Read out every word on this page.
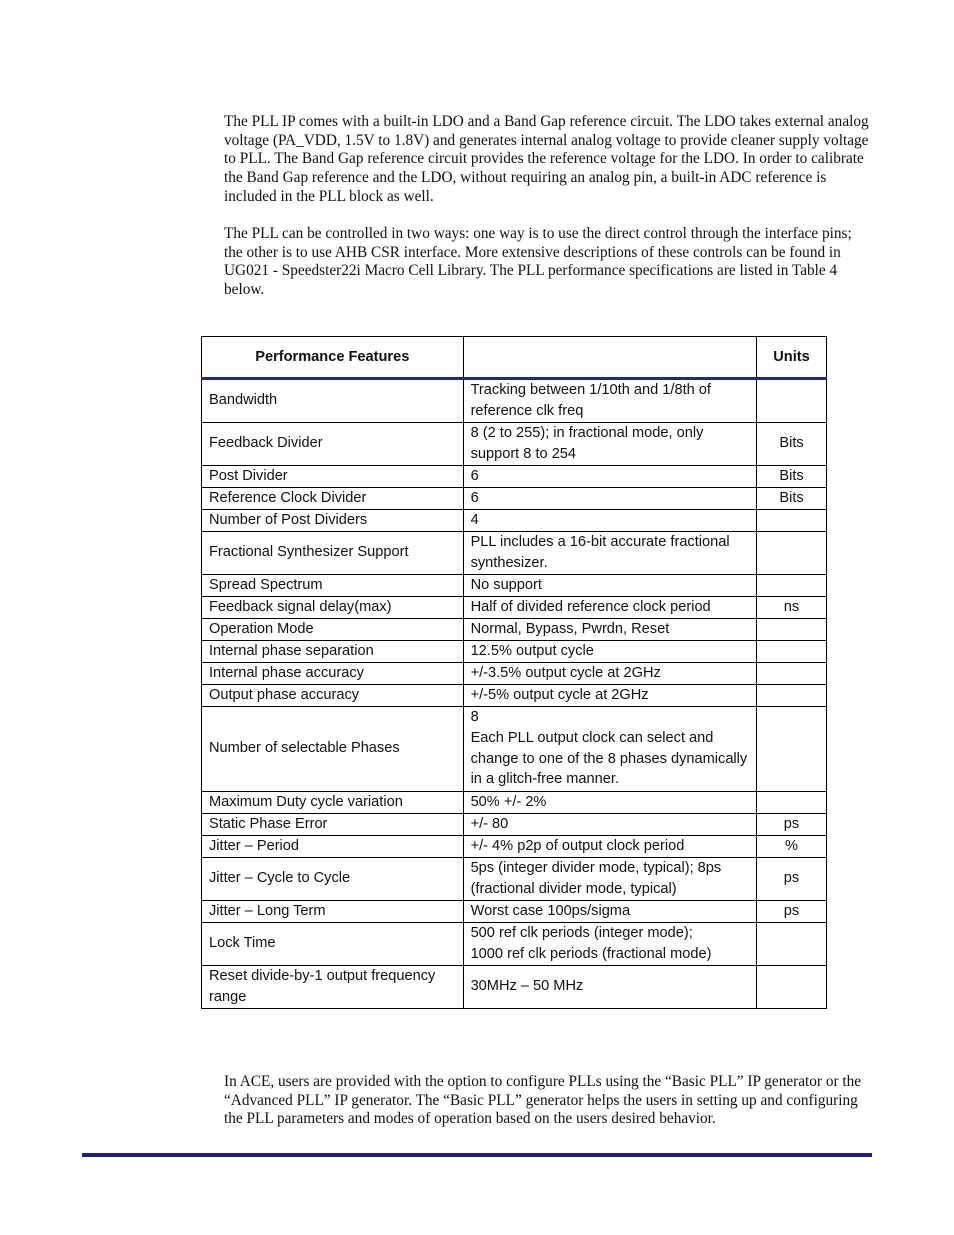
The PLL IP comes with a built-in LDO and a Band Gap reference circuit. The LDO takes external analog voltage (PA_VDD, 1.5V to 1.8V) and generates internal analog voltage to provide cleaner supply voltage to PLL. The Band Gap reference circuit provides the reference voltage for the LDO. In order to calibrate the Band Gap reference and the LDO, without requiring an analog pin, a built-in ADC reference is included in the PLL block as well.

The PLL can be controlled in two ways: one way is to use the direct control through the interface pins; the other is to use AHB CSR interface. More extensive descriptions of these controls can be found in UG021 - Speedster22i Macro Cell Library. The PLL performance specifications are listed in Table 4 below.

Performance Features		Units
Bandwidth	Tracking between 1/10th and 1/8th of reference clk freq	
Feedback Divider	8 (2 to 255); in fractional mode, only support 8 to 254	Bits
Post Divider	6	Bits
Reference Clock Divider	6	Bits
Number of Post Dividers	4	
Fractional Synthesizer Support	PLL includes a 16-bit accurate fractional synthesizer.	
Spread Spectrum	No support	
Feedback signal delay(max)	Half of divided reference clock period	ns
Operation Mode	Normal, Bypass, Pwrdn, Reset	
Internal phase separation	12.5% output cycle	
Internal phase accuracy	+/-3.5% output cycle at 2GHz	
Output phase accuracy	+/-5% output cycle at 2GHz	
Number of selectable Phases	8
Each PLL output clock can select and change to one of the 8 phases dynamically in a glitch-free manner.	
Maximum Duty cycle variation	50% +/- 2%	
Static Phase Error	+/- 80	ps
Jitter – Period	+/- 4% p2p of output clock period	%
Jitter – Cycle to Cycle	5ps (integer divider mode, typical); 8ps (fractional divider mode, typical)	ps
Jitter – Long Term	Worst case 100ps/sigma	ps
Lock Time	500 ref clk periods (integer mode);
1000 ref clk periods (fractional mode)	
Reset divide-by-1 output frequency range	30MHz – 50 MHz	

In ACE, users are provided with the option to configure PLLs using the “Basic PLL” IP generator or the “Advanced PLL” IP generator. The “Basic PLL” generator helps the users in setting up and configuring the PLL parameters and modes of operation based on the users desired behavior.
